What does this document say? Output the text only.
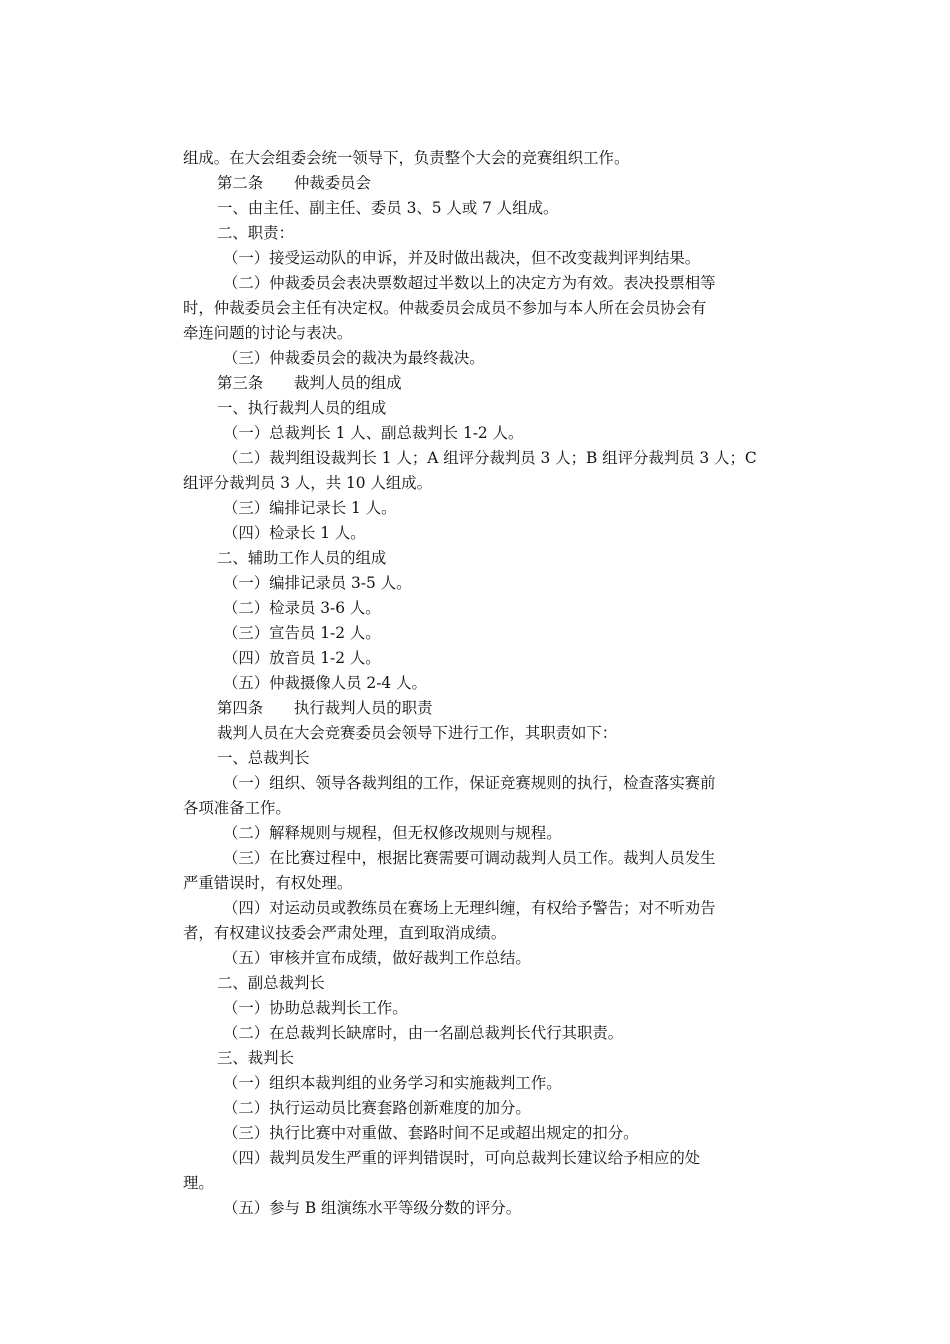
组成。在大会组委会统一领导下，负责整个大会的竞赛组织工作。
第二条　　仲裁委员会
一、由主任、副主任、委员 3、5 人或 7 人组成。
二、职责：
（一）接受运动队的申诉，并及时做出裁决，但不改变裁判评判结果。
（二）仲裁委员会表决票数超过半数以上的决定方为有效。表决投票相等
时，仲裁委员会主任有决定权。仲裁委员会成员不参加与本人所在会员协会有
牵连问题的讨论与表决。
（三）仲裁委员会的裁决为最终裁决。
第三条　　裁判人员的组成
一、执行裁判人员的组成
（一）总裁判长 1 人、副总裁判长 1-2 人。
（二）裁判组设裁判长 1 人；A 组评分裁判员 3 人；B 组评分裁判员 3 人；C
组评分裁判员 3 人，共 10 人组成。
（三）编排记录长 1 人。
（四）检录长 1 人。
二、辅助工作人员的组成
（一）编排记录员 3-5 人。
（二）检录员 3-6 人。
（三）宣告员 1-2 人。
（四）放音员 1-2 人。
（五）仲裁摄像人员 2-4 人。
第四条　　执行裁判人员的职责
裁判人员在大会竞赛委员会领导下进行工作，其职责如下：
一、总裁判长
（一）组织、领导各裁判组的工作，保证竞赛规则的执行，检查落实赛前
各项准备工作。
（二）解释规则与规程，但无权修改规则与规程。
（三）在比赛过程中，根据比赛需要可调动裁判人员工作。裁判人员发生
严重错误时，有权处理。
（四）对运动员或教练员在赛场上无理纠缠，有权给予警告；对不听劝告
者，有权建议技委会严肃处理，直到取消成绩。
（五）审核并宣布成绩，做好裁判工作总结。
二、副总裁判长
（一）协助总裁判长工作。
（二）在总裁判长缺席时，由一名副总裁判长代行其职责。
三、裁判长
（一）组织本裁判组的业务学习和实施裁判工作。
（二）执行运动员比赛套路创新难度的加分。
（三）执行比赛中对重做、套路时间不足或超出规定的扣分。
（四）裁判员发生严重的评判错误时，可向总裁判长建议给予相应的处
理。
（五）参与 B 组演练水平等级分数的评分。
